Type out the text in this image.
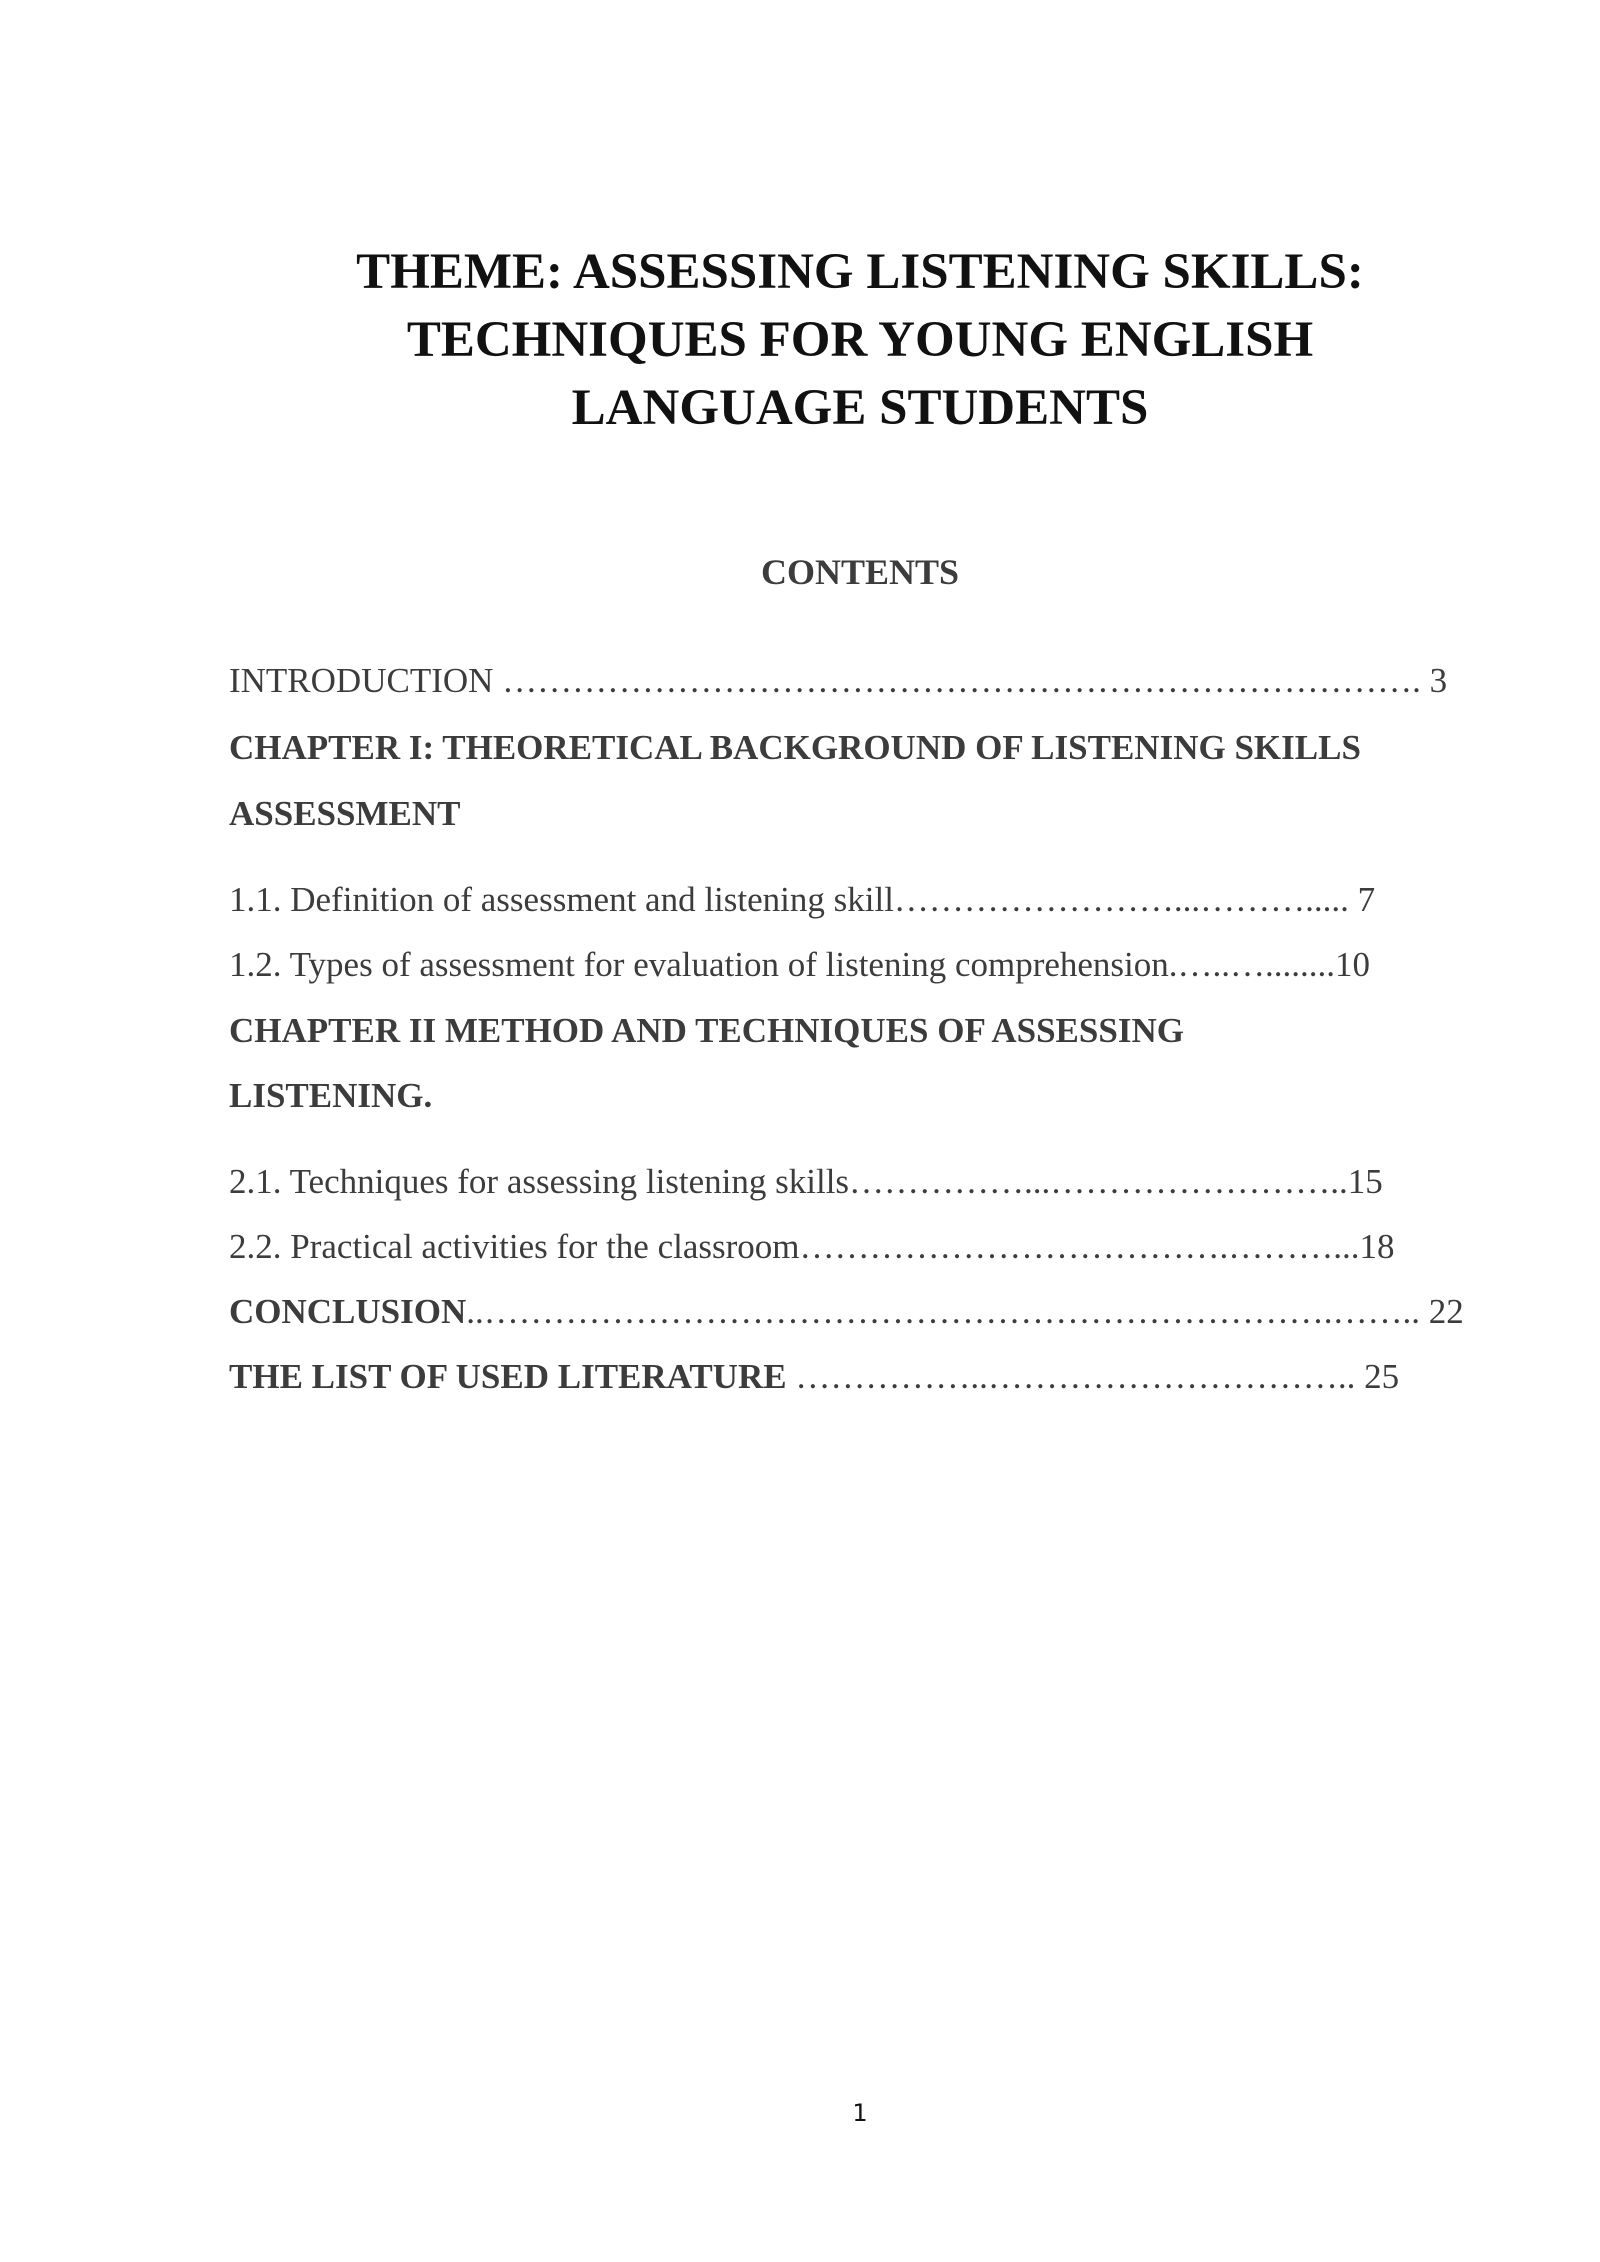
THEME: ASSESSING LISTENING SKILLS:
TECHNIQUES FOR YOUNG ENGLISH
LANGUAGE STUDENTS
CONTENTS
INTRODUCTION ……………………………………………………………………. 3
CHAPTER I: THEORETICAL BACKGROUND OF LISTENING SKILLS
ASSESSMENT
1.1. Definition of assessment and listening skill……………………...………..... 7
1.2. Types of assessment for evaluation of listening comprehension.…..…........10
CHAPTER II METHOD AND TECHNIQUES OF ASSESSING
LISTENING.
2.1. Techniques for assessing listening skills……………...……………………..15
2.2. Practical activities for the classroom……………………………….………...18
CONCLUSION..……………………………………………………………….…….. 22
THE LIST OF USED LITERATURE ……………..………………………….. 25
1
